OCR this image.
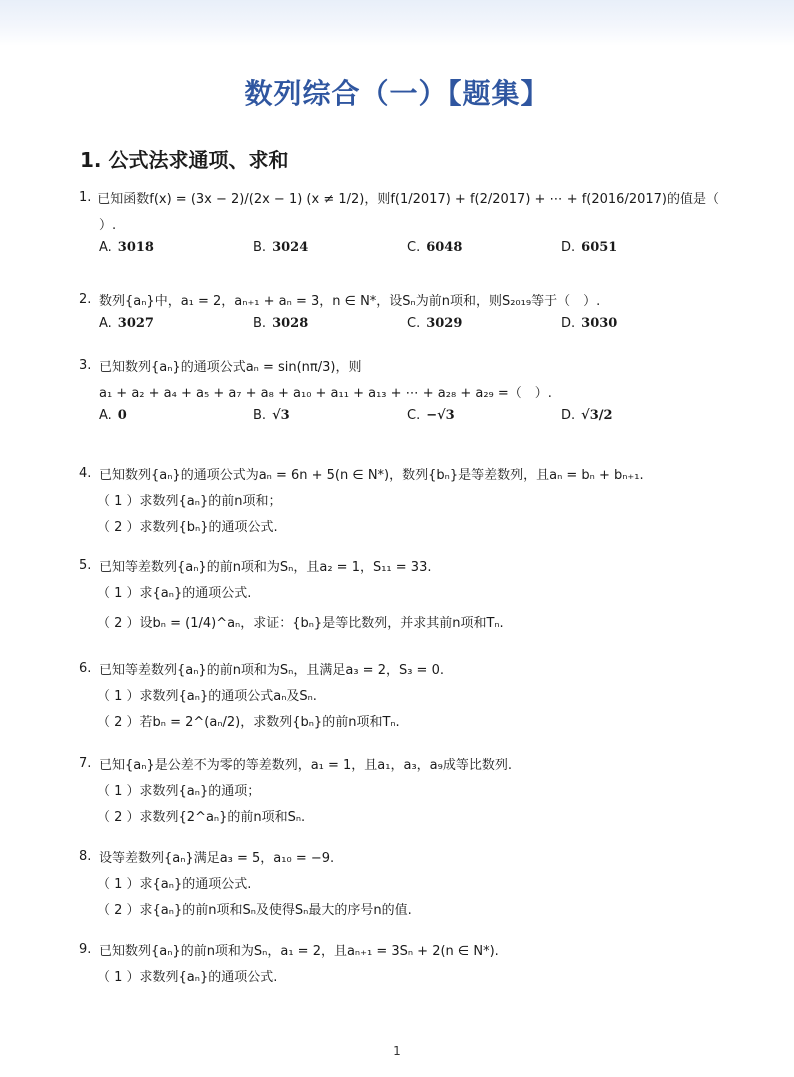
数列综合（一）【题集】
1. 公式法求通项、求和
1. 已知函数f(x) = (3x − 2)/(2x − 1) (x ≠ 1/2)，则f(1/2017) + f(2/2017) + ⋯ + f(2016/2017)的值是（
）.
A. 3018	B. 3024	C. 6048	D. 6051
2. 数列{aₙ}中，a₁ = 2，aₙ₊₁ + aₙ = 3，n ∈ N*，设Sₙ为前n项和，则S₂₀₁₉等于（　）.
A. 3027	B. 3028	C. 3029	D. 3030
3. 已知数列{aₙ}的通项公式aₙ = sin(nπ/3)，则
a₁ + a₂ + a₄ + a₅ + a₇ + a₈ + a₁₀ + a₁₁ + a₁₃ + ⋯ + a₂₈ + a₂₉ =（　）.
A. 0	B. √3	C. −√3	D. √3/2
4. 已知数列{aₙ}的通项公式为aₙ = 6n + 5(n ∈ N*)，数列{bₙ}是等差数列，且aₙ = bₙ + bₙ₊₁.
（ 1 ）求数列{aₙ}的前n项和；
（ 2 ）求数列{bₙ}的通项公式.
5. 已知等差数列{aₙ}的前n项和为Sₙ，且a₂ = 1，S₁₁ = 33.
（ 1 ）求{aₙ}的通项公式.
（ 2 ）设bₙ = (1/4)^aₙ，求证：{bₙ}是等比数列，并求其前n项和Tₙ.
6. 已知等差数列{aₙ}的前n项和为Sₙ，且满足a₃ = 2，S₃ = 0.
（ 1 ）求数列{aₙ}的通项公式aₙ及Sₙ.
（ 2 ）若bₙ = 2^(aₙ/2)，求数列{bₙ}的前n项和Tₙ.
7. 已知{aₙ}是公差不为零的等差数列，a₁ = 1，且a₁，a₃，a₉成等比数列.
（ 1 ）求数列{aₙ}的通项；
（ 2 ）求数列{2^aₙ}的前n项和Sₙ.
8. 设等差数列{aₙ}满足a₃ = 5，a₁₀ = −9.
（ 1 ）求{aₙ}的通项公式.
（ 2 ）求{aₙ}的前n项和Sₙ及使得Sₙ最大的序号n的值.
9. 已知数列{aₙ}的前n项和为Sₙ，a₁ = 2，且aₙ₊₁ = 3Sₙ + 2(n ∈ N*).
（ 1 ）求数列{aₙ}的通项公式.
1
